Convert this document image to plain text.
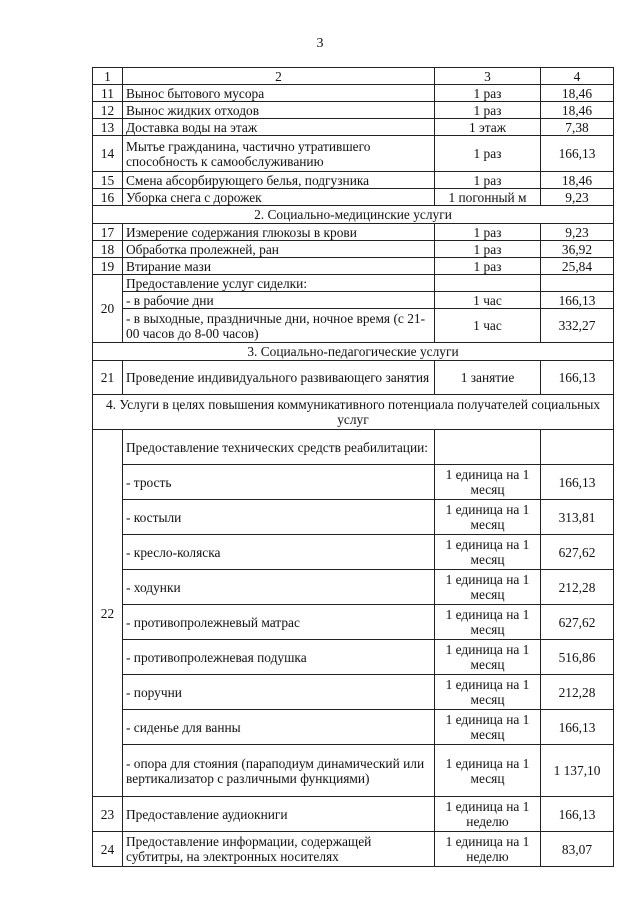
3
1	2	3	4
11	Вынос бытового мусора	1 раз	18,46
12	Вынос жидких отходов	1 раз	18,46
13	Доставка воды на этаж	1 этаж	7,38
14	Мытье гражданина, частично утратившего способность к самообслуживанию	1 раз	166,13
15	Смена абсорбирующего белья, подгузника	1 раз	18,46
16	Уборка снега с дорожек	1 погонный м	9,23
2. Социально-медицинские услуги			
17	Измерение содержания глюкозы в крови	1 раз	9,23
18	Обработка пролежней, ран	1 раз	36,92
19	Втирание мази	1 раз	25,84
20	Предоставление услуг сиделки:		
	- в рабочие дни	1 час	166,13
	- в выходные, праздничные дни, ночное время (с 21-00 часов до 8-00 часов)	1 час	332,27
3. Социально-педагогические услуги			
21	Проведение индивидуального развивающего занятия	1 занятие	166,13
4. Услуги в целях повышения коммуникативного потенциала получателей социальных услуг			
22	Предоставление технических средств реабилитации:		
	- трость	1 единица на 1 месяц	166,13
	- костыли	1 единица на 1 месяц	313,81
	- кресло-коляска	1 единица на 1 месяц	627,62
	- ходунки	1 единица на 1 месяц	212,28
	- противопролежневый матрас	1 единица на 1 месяц	627,62
	- противопролежневая подушка	1 единица на 1 месяц	516,86
	- поручни	1 единица на 1 месяц	212,28
	- сиденье для ванны	1 единица на 1 месяц	166,13
	- опора для стояния (параподиум динамический или вертикализатор с различными функциями)	1 единица на 1 месяц	1 137,10
23	Предоставление аудиокниги	1 единица на 1 неделю	166,13
24	Предоставление информации, содержащей субтитры, на электронных носителях	1 единица на 1 неделю	83,07
